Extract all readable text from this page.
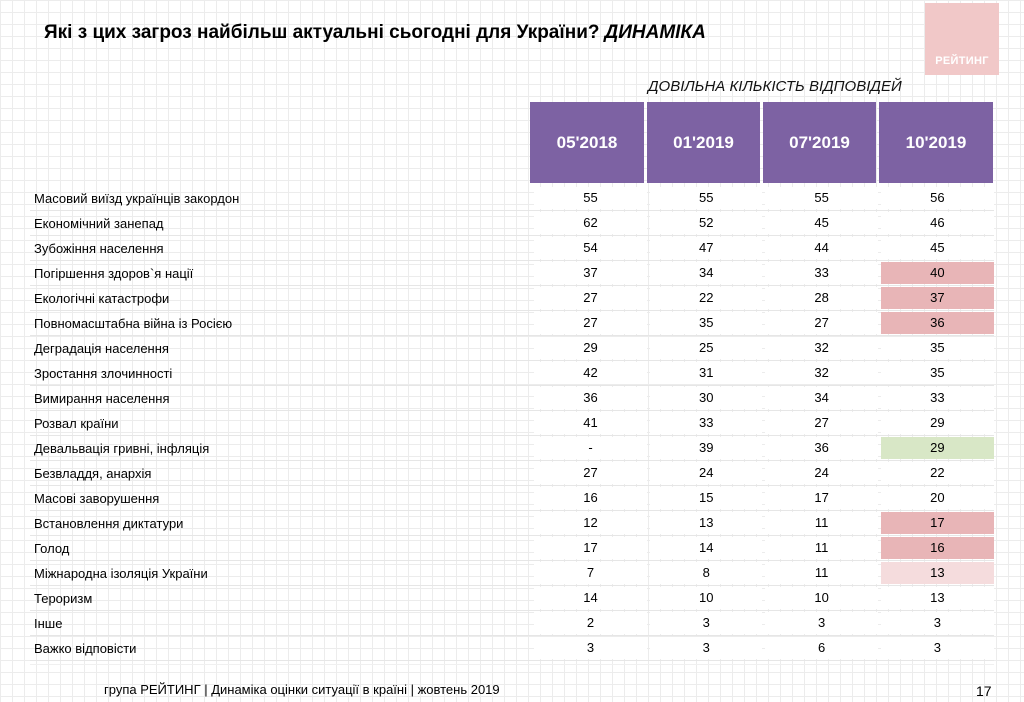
Які з цих загроз найбільш актуальні сьогодні для України? ДИНАМІКА
РЕЙТИНГ
ДОВІЛЬНА КІЛЬКІСТЬ ВІДПОВІДЕЙ
05'2018	01'2019	07'2019	10'2019
Масовий виїзд українців закордон	55	55	55	56
Економічний занепад	62	52	45	46
Зубожіння населення	54	47	44	45
Погіршення здоров`я нації	37	34	33	40
Екологічні катастрофи	27	22	28	37
Повномасштабна війна із Росією	27	35	27	36
Деградація населення	29	25	32	35
Зростання злочинності	42	31	32	35
Вимирання населення	36	30	34	33
Розвал країни	41	33	27	29
Девальвація гривні, інфляція	-	39	36	29
Безвладдя, анархія	27	24	24	22
Масові заворушення	16	15	17	20
Встановлення диктатури	12	13	11	17
Голод	17	14	11	16
Міжнародна ізоляція України	7	8	11	13
Тероризм	14	10	10	13
Інше	2	3	3	3
Важко відповісти	3	3	6	3
група РЕЙТИНГ | Динаміка оцінки ситуації в країні | жовтень 2019	17
